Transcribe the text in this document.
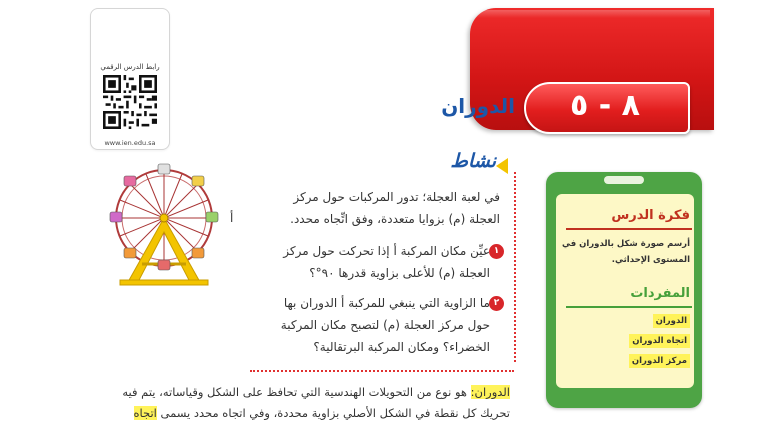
رابط الدرس الرقمي
www.ien.edu.sa
٨ - ٥
الدوران
نشاط
في لعبة العجلة؛ تدور المركبات حول مركز العجلة (م) بزوايا متعددة، وفق اتِّجاه محدد.
١
عيِّن مكان المركبة أ إذا تحركت حول مركز العجلة (م) للأعلى بزاوية قدرها ٩٠°؟
٢
ما الزاوية التي ينبغي للمركبة أ الدوران بها حول مركز العجلة (م) لتصبح مكان المركبة الخضراء؟ ومكان المركبة البرتقالية؟
أ
الدوران: هو نوع من التحويلات الهندسية التي تحافظ على الشكل وقياساته، يتم فيه تحريك كل نقطة في الشكل الأصلي بزاوية محددة، وفي اتجاه محدد يسمى اتجاه
فكرة الدرس
أرسم صورة شكل بالدوران في المستوى الإحداثي.
المفردات
الدوران
اتجاه الدوران
مركز الدوران
